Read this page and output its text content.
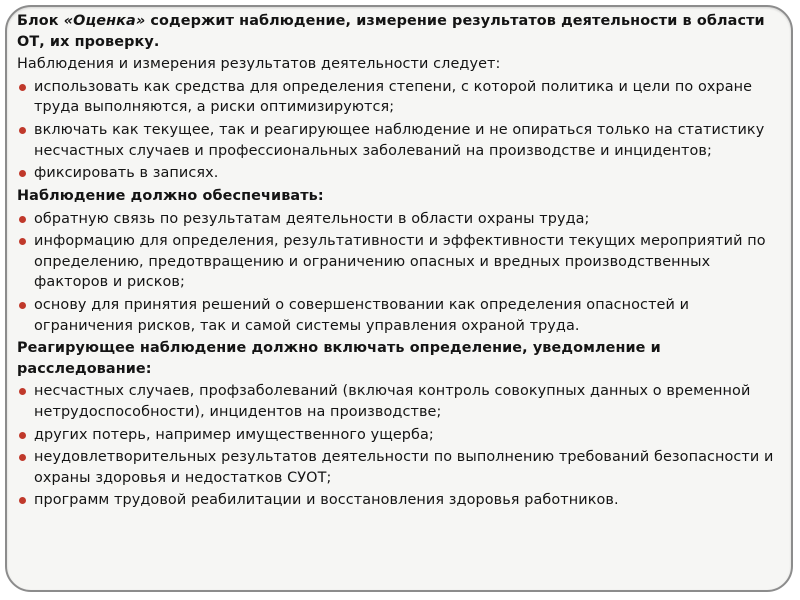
Блок «Оценка» содержит наблюдение, измерение результатов деятельности в области ОТ, их проверку.

Наблюдения и измерения результатов деятельности следует:

использовать как средства для определения степени, с которой политика и цели по охране труда выполняются, а риски оптимизируются;
включать как текущее, так и реагирующее наблюдение и не опираться только на статистику несчастных случаев и профессиональных заболеваний на производстве и инцидентов;
фиксировать в записях.

Наблюдение должно обеспечивать:

обратную связь по результатам деятельности в области охраны труда;
информацию для определения, результативности и эффективности текущих мероприятий по определению, предотвращению и ограничению опасных и вредных производственных факторов и рисков;
основу для принятия решений о совершенствовании как определения опасностей и ограничения рисков, так и самой системы управления охраной труда.

Реагирующее наблюдение должно включать определение, уведомление и расследование:

несчастных случаев, профзаболеваний (включая контроль совокупных данных о временной нетрудоспособности), инцидентов на производстве;
других потерь, например имущественного ущерба;
неудовлетворительных результатов деятельности по выполнению требований безопасности и охраны здоровья и недостатков СУОТ;
программ трудовой реабилитации и восстановления здоровья работников.
